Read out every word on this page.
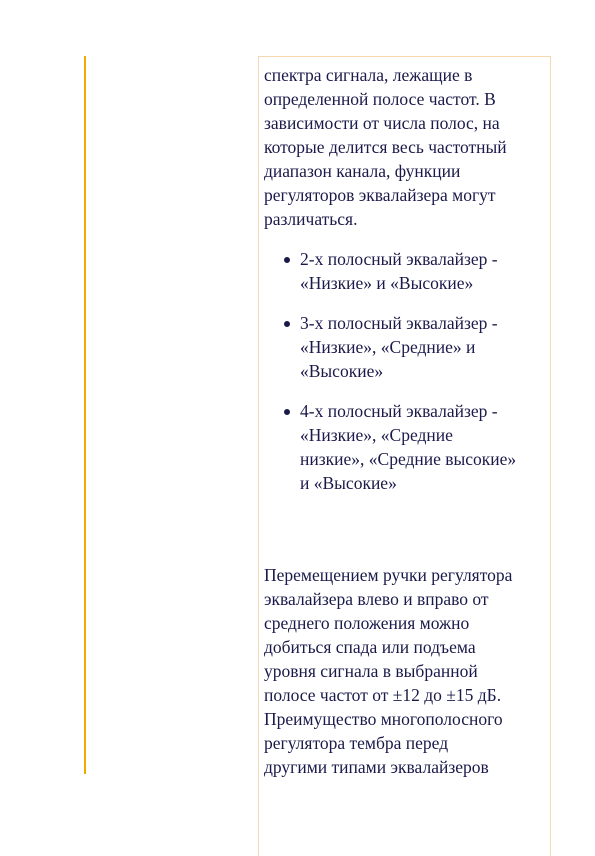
спектра сигнала, лежащие в
определенной полосе частот. В
зависимости от числа полос, на
которые делится весь частотный
диапазон канала, функции
регуляторов эквалайзера могут
различаться.

2-х полосный эквалайзер -
«Низкие» и «Высокие»
3-х полосный эквалайзер -
«Низкие», «Средние» и
«Высокие»
4-х полосный эквалайзер -
«Низкие», «Средние
низкие», «Средние высокие»
и «Высокие»

Перемещением ручки регулятора
эквалайзера влево и вправо от
среднего положения можно
добиться спада или подъема
уровня сигнала в выбранной
полосе частот от ±12 до ±15 дБ.
Преимущество многополосного
регулятора тембра перед
другими типами эквалайзеров
